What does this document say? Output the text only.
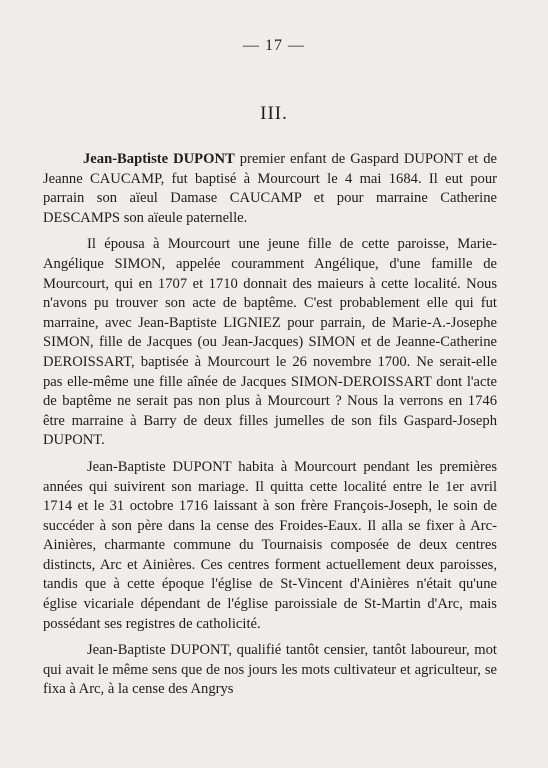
— 17 —
III.

Jean-Baptiste DUPONT premier enfant de Gaspard DUPONT et de Jeanne CAUCAMP, fut baptisé à Mourcourt le 4 mai 1684. Il eut pour parrain son aïeul Damase CAUCAMP et pour marraine Catherine DESCAMPS son aïeule paternelle.

Il épousa à Mourcourt une jeune fille de cette paroisse, Marie-Angélique SIMON, appelée couramment Angélique, d'une famille de Mourcourt, qui en 1707 et 1710 donnait des maieurs à cette localité. Nous n'avons pu trouver son acte de baptême. C'est probablement elle qui fut marraine, avec Jean-Baptiste LIGNIEZ pour parrain, de Marie-A.-Josephe SIMON, fille de Jacques (ou Jean-Jacques) SIMON et de Jeanne-Catherine DEROISSART, baptisée à Mourcourt le 26 novembre 1700. Ne serait-elle pas elle-même une fille aînée de Jacques SIMON-DEROISSART dont l'acte de baptême ne serait pas non plus à Mourcourt ? Nous la verrons en 1746 être marraine à Barry de deux filles jumelles de son fils Gaspard-Joseph DUPONT.

Jean-Baptiste DUPONT habita à Mourcourt pendant les premières années qui suivirent son mariage. Il quitta cette localité entre le 1er avril 1714 et le 31 octobre 1716 laissant à son frère François-Joseph, le soin de succéder à son père dans la cense des Froides-Eaux. Il alla se fixer à Arc-Ainières, charmante commune du Tournaisis composée de deux centres distincts, Arc et Ainières. Ces centres forment actuellement deux paroisses, tandis que à cette époque l'église de St-Vincent d'Ainières n'était qu'une église vicariale dépendant de l'église paroissiale de St-Martin d'Arc, mais possédant ses registres de catholicité.

Jean-Baptiste DUPONT, qualifié tantôt censier, tantôt laboureur, mot qui avait le même sens que de nos jours les mots cultivateur et agriculteur, se fixa à Arc, à la cense des Angrys
